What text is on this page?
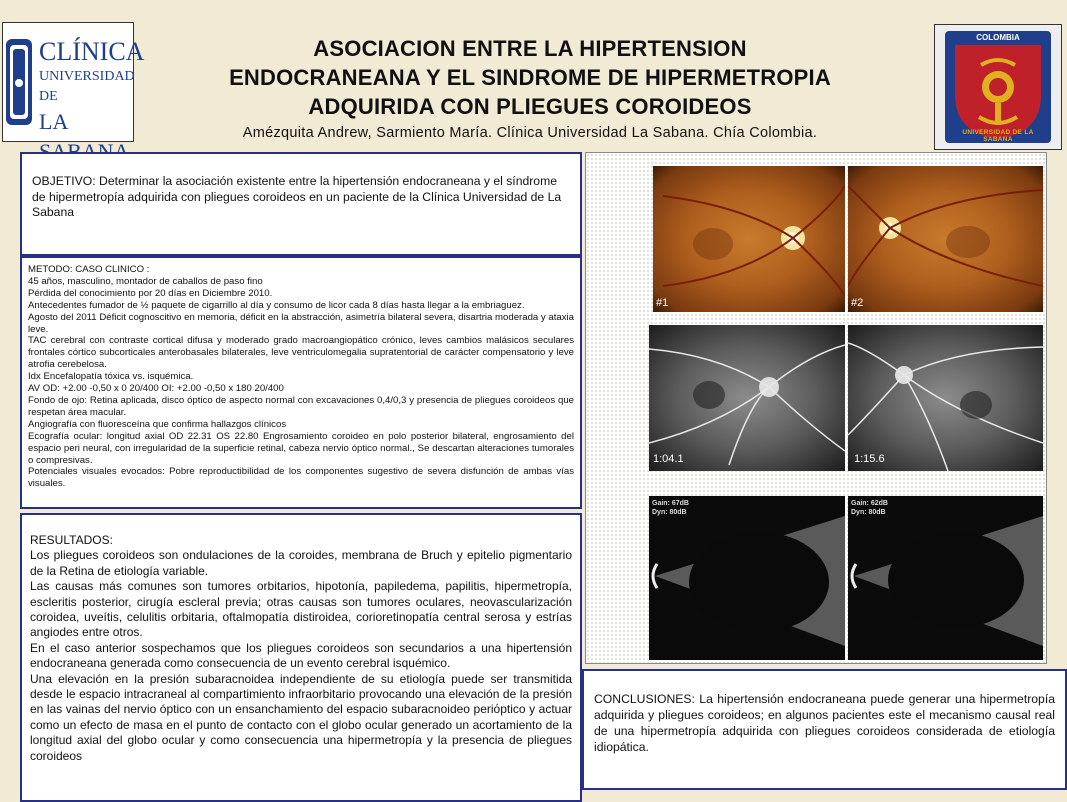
CLÍNICA
UNIVERSIDAD DE
LA
COLOMBIA
UNIVERSIDAD DE LA SABANA
ASOCIACION ENTRE LA HIPERTENSION
ENDOCRANEANA Y EL SINDROME DE HIPERMETROPIA
ADQUIRIDA CON PLIEGUES COROIDEOS
Amézquita Andrew, Sarmiento María. Clínica Universidad La Sabana. Chía Colombia.
OBJETIVO: Determinar la asociación existente entre la hipertensión endocraneana y el síndrome de hipermetropía adquirida con pliegues coroideos en un paciente de la Clínica Universidad de La Sabana

METODO: CASO CLINICO :

45 años, masculino, montador de caballos de paso fino

Pérdida del conocimiento por 20 días en Diciembre 2010.

Antecedentes fumador de ½ paquete de cigarrillo al día y consumo de licor cada 8 días hasta llegar a la embriaguez.

Agosto del 2011 Déficit cognoscitivo en memoria, déficit en la abstracción, asimetría bilateral severa, disartria moderada y ataxia leve.

TAC cerebral con contraste cortical difusa y moderado grado macroangiopático crónico, leves cambios malásicos seculares frontales córtico subcorticales anterobasales bilaterales, leve ventriculomegalia supratentorial de carácter compensatorio y leve atrofia cerebelosa.

Idx Encefalopatía tóxica vs. isquémica.

AV OD: +2.00 -0,50 x 0 20/400 OI: +2.00 -0,50 x 180 20/400

Fondo de ojo: Retina aplicada, disco óptico de aspecto normal con excavaciones 0,4/0,3 y presencia de pliegues coroideos que respetan área macular.

Angiografía con fluoresceína que confirma hallazgos clínicos

Ecografía ocular: longitud axial OD 22.31 OS 22.80 Engrosamiento coroideo en polo posterior bilateral, engrosamiento del espacio peri neural, con irregularidad de la superficie retinal, cabeza nervio óptico normal., Se descartan alteraciones tumorales o compresivas.

Potenciales visuales evocados: Pobre reproductibilidad de los componentes sugestivo de severa disfunción de ambas vías visuales.

RESULTADOS:

Los pliegues coroideos son ondulaciones de la coroides, membrana de Bruch y epitelio pigmentario de la Retina de etiología variable.

Las causas más comunes son tumores orbitarios, hipotonía, papiledema, papilitis, hipermetropía, escleritis posterior, cirugía escleral previa; otras causas son tumores oculares, neovascularización coroidea, uveítis, celulitis orbitaria, oftalmopatía distiroidea, corioretinopatía central serosa y estrías angiodes entre otros.

En el caso anterior sospechamos que los pliegues coroideos son secundarios a una hipertensión endocraneana generada como consecuencia de un evento cerebral isquémico.

Una elevación en la presión subaracnoidea independiente de su etiología puede ser transmitida desde le espacio intracraneal al compartimiento infraorbitario provocando una elevación de la presión en las vainas del nervio óptico con un ensanchamiento del espacio subaracnoideo periόptico y actuar como un efecto de masa en el punto de contacto con el globo ocular generado un acortamiento de la longitud axial del globo ocular y como consecuencia una hipermetropía y la presencia de pliegues coroideos

#1	#2
1:04.1	1:15.6
Gain: 67dB
Dyn: 80dB
Gain: 62dB
Dyn: 80dB
CONCLUSIONES: La hipertensión endocraneana puede generar una hipermetropía adquirida y pliegues coroideos; en algunos pacientes este el mecanismo causal real de una hipermetropía adquirida con pliegues coroideos considerada de etiología idiopática.
